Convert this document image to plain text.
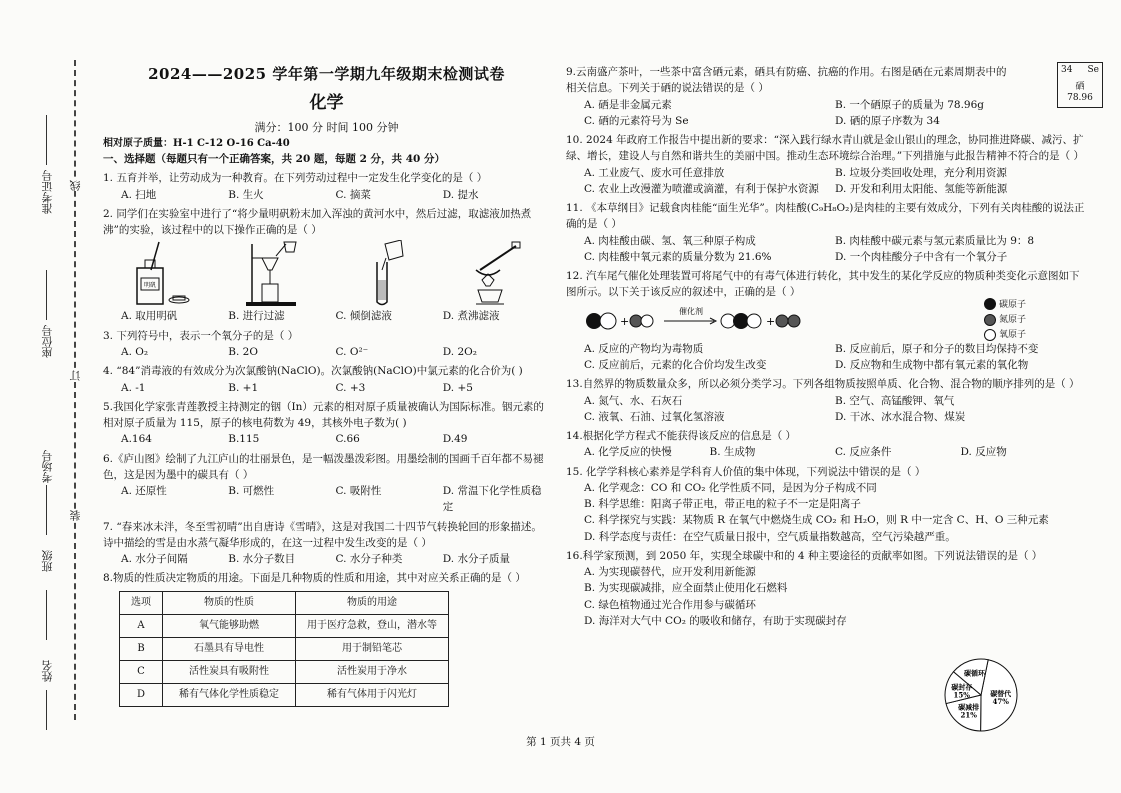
准考证号
座位号
考场号
班级
姓名
线
订
装
2024——2025 学年第一学期九年级期末检测试卷
化学
满分：100 分 时间 100 分钟

相对原子质量：H-1 C-12 O-16 Ca-40

一、选择题（每题只有一个正确答案，共 20 题，每题 2 分，共 40 分）

1. 五育并举，让劳动成为一种教育。在下列劳动过程中一定发生化学变化的是（ ）

A. 扫地	B. 生火	C. 摘菜	D. 提水

2. 同学们在实验室中进行了“将少量明矾粉末加入浑浊的黄河水中，然后过滤，取滤液加热煮沸”的实验，该过程中的以下操作正确的是（ ）

明矾
A. 取用明矾	B. 进行过滤	C. 倾倒滤液	D. 煮沸滤液

3. 下列符号中，表示一个氧分子的是（ ）

A. O₂	B. 2O	C. O²⁻	D. 2O₂

4. “84”消毒液的有效成分为次氯酸钠(NaClO)。次氯酸钠(NaClO)中氯元素的化合价为( )

A. -1	B. +1	C. +3	D. +5

5.我国化学家张青莲教授主持测定的铟（In）元素的相对原子质量被确认为国际标准。铟元素的相对原子质量为 115，原子的核电荷数为 49，其核外电子数为( )

A.164	B.115	C.66	D.49

6.《庐山图》绘制了九江庐山的壮丽景色，是一幅泼墨泼彩图。用墨绘制的国画千百年都不易褪色，这是因为墨中的碳具有（ ）

A. 还原性	B. 可燃性	C. 吸附性	D. 常温下化学性质稳定

7. “春来冰未泮，冬至雪初晴”出自唐诗《雪晴》，这是对我国二十四节气转换轮回的形象描述。诗中描绘的雪是由水蒸气凝华形成的，在这一过程中发生改变的是（ ）

A. 水分子间隔	B. 水分子数目	C. 水分子种类	D. 水分子质量

8.物质的性质决定物质的用途。下面是几种物质的性质和用途，其中对应关系正确的是（ ）

选项	物质的性质	物质的用途
A	氧气能够助燃	用于医疗急救，登山，潜水等
B	石墨具有导电性	用于制铅笔芯
C	活性炭具有吸附性	活性炭用于净水
D	稀有气体化学性质稳定	稀有气体用于闪光灯

9.云南盛产茶叶，一些茶中富含硒元素，硒具有防癌、抗癌的作用。右图是硒在元素周期表中的相关信息。下列关于硒的说法错误的是（ ）

A. 硒是非金属元素	B. 一个硒原子的质量为 78.96g
C. 硒的元素符号为 Se	D. 硒的原子序数为 34

10. 2024 年政府工作报告中提出新的要求：“深入践行绿水青山就是金山银山的理念，协同推进降碳、减污、扩绿、增长，建设人与自然和谐共生的美丽中国。推动生态环境综合治理。”下列措施与此报告精神不符合的是（ ）

A. 工业废气、废水可任意排放	B. 垃圾分类回收处理，充分利用资源
C. 农业上改漫灌为喷灌或滴灌，有利于保护水资源	D. 开发和利用太阳能、氢能等新能源

11. 《本草纲目》记载食肉桂能“面生光华”。肉桂酸(C₉H₈O₂)是肉桂的主要有效成分，下列有关肉桂酸的说法正确的是（ ）

A. 肉桂酸由碳、氢、氧三种原子构成	B. 肉桂酸中碳元素与氢元素质量比为 9：8
C. 肉桂酸中氧元素的质量分数为 21.6%	D. 一个肉桂酸分子中含有一个氧分子

12. 汽车尾气催化处理装置可将尾气中的有毒气体进行转化，其中发生的某化学反应的物质种类变化示意图如下图所示。以下关于该反应的叙述中，正确的是（ ）

+
催化剂
+
碳原子
氮原子
氧原子
A. 反应的产物均为毒物质	B. 反应前后，原子和分子的数目均保持不变
C. 反应前后，元素的化合价均发生改变	D. 反应物和生成物中都有氧元素的氧化物

13.自然界的物质数量众多，所以必须分类学习。下列各组物质按照单质、化合物、混合物的顺序排列的是（ ）

A. 氮气、水、石灰石	B. 空气、高锰酸钾、氧气
C. 液氧、石油、过氧化氢溶液	D. 干冰、冰水混合物、煤炭

14.根据化学方程式不能获得该反应的信息是（ ）

A. 化学反应的快慢	B. 生成物	C. 反应条件	D. 反应物

15. 化学学科核心素养是学科育人价值的集中体现，下列说法中错误的是（ ）

A. 化学观念：CO 和 CO₂ 化学性质不同，是因为分子构成不同
B. 科学思维：阳离子带正电，带正电的粒子不一定是阳离子
C. 科学探究与实践：某物质 R 在氧气中燃烧生成 CO₂ 和 H₂O，则 R 中一定含 C、H、O 三种元素
D. 科学态度与责任：在空气质量日报中，空气质量指数越高，空气污染越严重。

16.科学家预测，到 2050 年，实现全球碳中和的 4 种主要途径的贡献率如图。下列说法错误的是（ ）

A. 为实现碳替代，应开发利用新能源
B. 为实现碳减排，应全面禁止使用化石燃料
C. 绿色植物通过光合作用参与碳循环
D. 海洋对大气中 CO₂ 的吸收和储存，有助于实现碳封存
34 Se
硒
78.96
碳替代
47%
碳减排
21%
碳封存
15%
碳循环
第 1 页共 4 页
